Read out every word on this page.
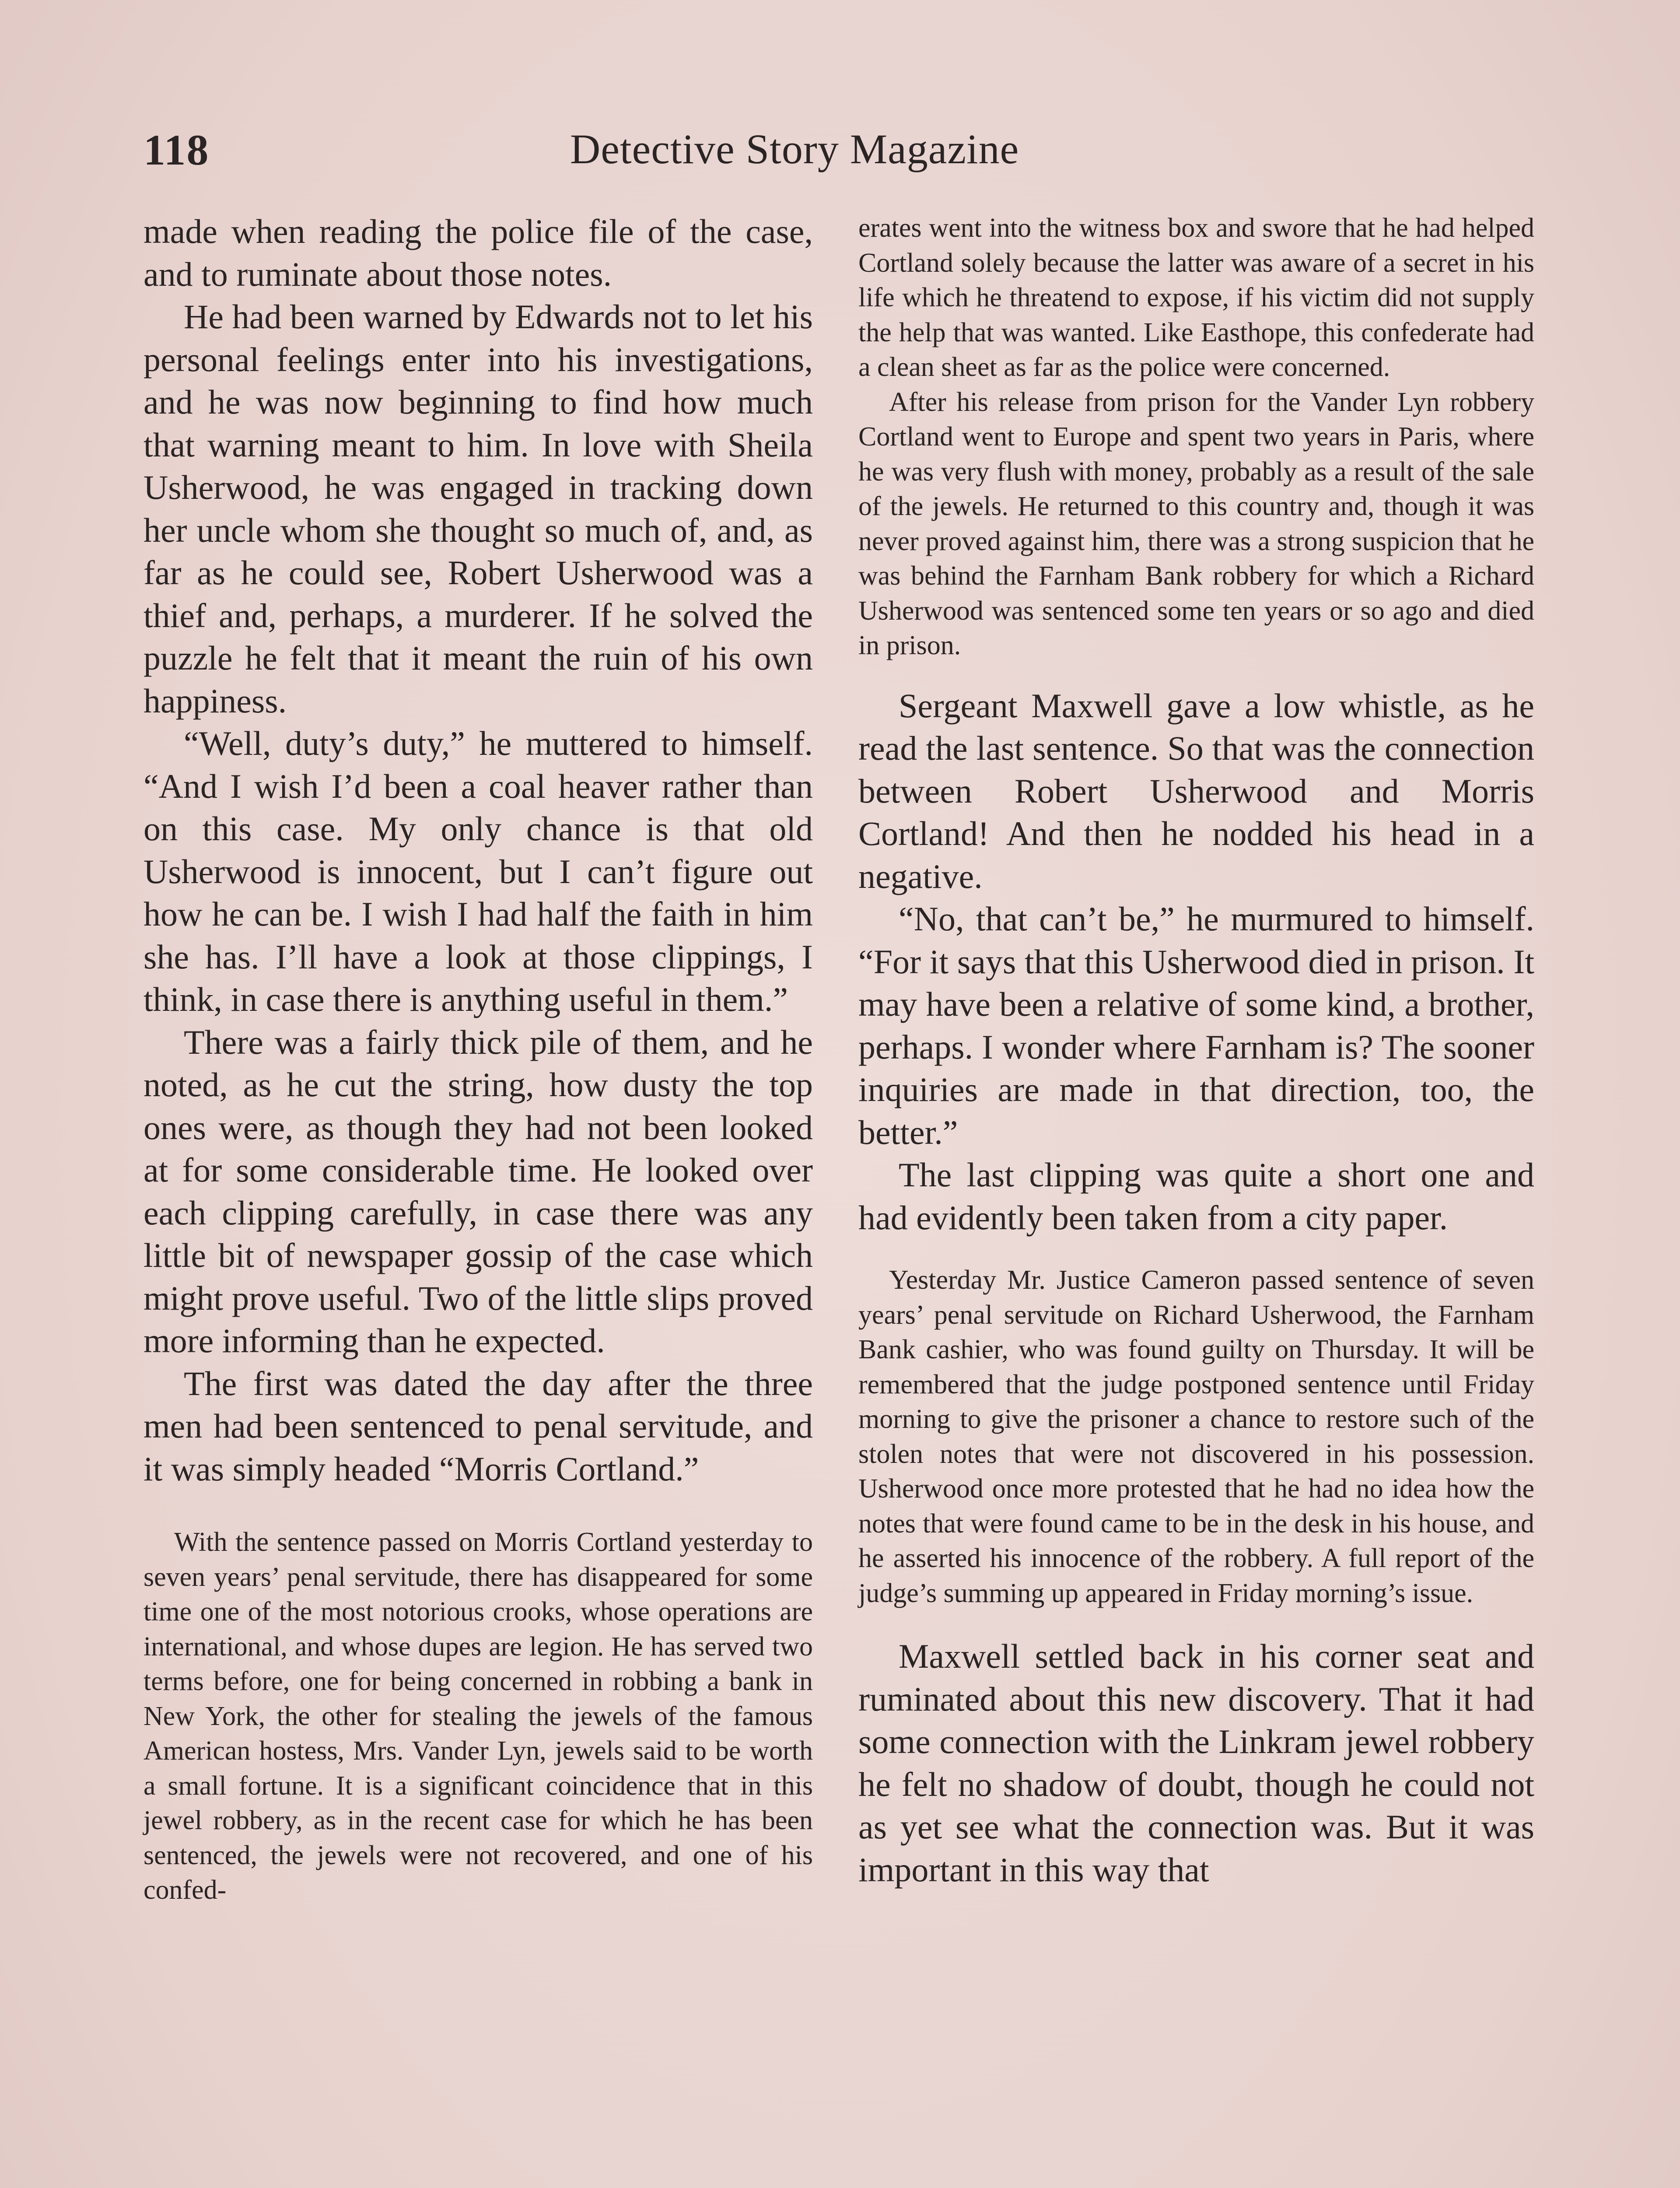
118	Detective Story Magazine

made when reading the police file of the case, and to ruminate about those notes.

He had been warned by Edwards not to let his personal feelings enter into his investigations, and he was now beginning to find how much that warning meant to him. In love with Sheila Usherwood, he was engaged in tracking down her uncle whom she thought so much of, and, as far as he could see, Robert Usherwood was a thief and, perhaps, a murderer. If he solved the puzzle he felt that it meant the ruin of his own happiness.

“Well, duty’s duty,” he muttered to himself. “And I wish I’d been a coal heaver rather than on this case. My only chance is that old Usherwood is innocent, but I can’t figure out how he can be. I wish I had half the faith in him she has. I’ll have a look at those clippings, I think, in case there is anything useful in them.”

There was a fairly thick pile of them, and he noted, as he cut the string, how dusty the top ones were, as though they had not been looked at for some considerable time. He looked over each clipping carefully, in case there was any little bit of newspaper gossip of the case which might prove useful. Two of the little slips proved more informing than he expected.

The first was dated the day after the three men had been sentenced to penal servitude, and it was simply headed “Morris Cortland.”

With the sentence passed on Morris Cortland yesterday to seven years’ penal servitude, there has disappeared for some time one of the most notorious crooks, whose operations are international, and whose dupes are legion. He has served two terms before, one for being concerned in robbing a bank in New York, the other for stealing the jewels of the famous American hostess, Mrs. Vander Lyn, jewels said to be worth a small fortune. It is a significant coincidence that in this jewel robbery, as in the recent case for which he has been sentenced, the jewels were not recovered, and one of his confed-

erates went into the witness box and swore that he had helped Cortland solely because the latter was aware of a secret in his life which he threatend to expose, if his victim did not supply the help that was wanted. Like Easthope, this confederate had a clean sheet as far as the police were concerned.

After his release from prison for the Vander Lyn robbery Cortland went to Europe and spent two years in Paris, where he was very flush with money, probably as a result of the sale of the jewels. He returned to this country and, though it was never proved against him, there was a strong suspicion that he was behind the Farnham Bank robbery for which a Richard Usherwood was sentenced some ten years or so ago and died in prison.

Sergeant Maxwell gave a low whistle, as he read the last sentence. So that was the connection between Robert Usherwood and Morris Cortland! And then he nodded his head in a negative.

“No, that can’t be,” he murmured to himself. “For it says that this Usherwood died in prison. It may have been a relative of some kind, a brother, perhaps. I wonder where Farnham is? The sooner inquiries are made in that direction, too, the better.”

The last clipping was quite a short one and had evidently been taken from a city paper.

Yesterday Mr. Justice Cameron passed sentence of seven years’ penal servitude on Richard Usherwood, the Farnham Bank cashier, who was found guilty on Thursday. It will be remembered that the judge postponed sentence until Friday morning to give the prisoner a chance to restore such of the stolen notes that were not discovered in his possession. Usherwood once more protested that he had no idea how the notes that were found came to be in the desk in his house, and he asserted his innocence of the robbery. A full report of the judge’s summing up appeared in Friday morning’s issue.

Maxwell settled back in his corner seat and ruminated about this new discovery. That it had some connection with the Linkram jewel robbery he felt no shadow of doubt, though he could not as yet see what the connection was. But it was important in this way that
